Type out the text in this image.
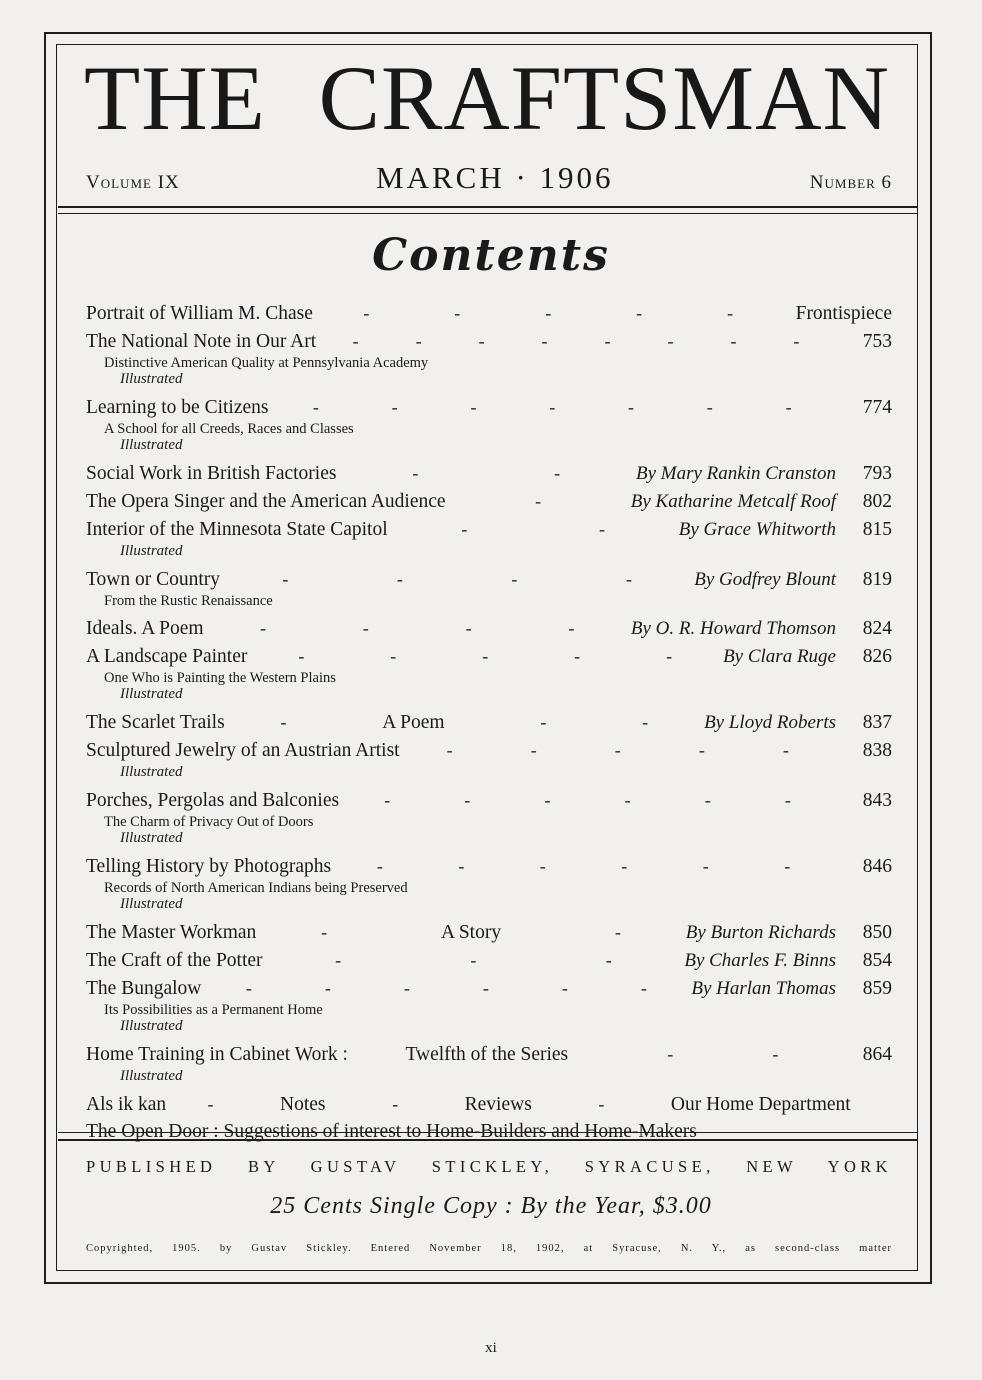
THE CRAFTSMAN
Volume IX	MARCH · 1906	Number 6
Contents
Portrait of William M. Chase	-	-	-	-	-	Frontispiece
The National Note in Our Art -	-	-	-	-	-	-	-	753
Distinctive American Quality at Pennsylvania Academy
Illustrated
Learning to be Citizens -	-	-	-	-	-	-	774
A School for all Creeds, Races and Classes
Illustrated
Social Work in British Factories	-	-	By Mary Rankin Cranston	793
The Opera Singer and the American Audience	-	By Katharine Metcalf Roof	802
Interior of the Minnesota State Capitol	-	-	By Grace Whitworth	815
Illustrated
Town or Country	-	-	-	-	By Godfrey Blount	819
From the Rustic Renaissance
Ideals. A Poem	-	-	-	-	By O. R. Howard Thomson	824
A Landscape Painter	-	-	-	-	-	By Clara Ruge	826
One Who is Painting the Western Plains
Illustrated
The Scarlet Trails	-	A Poem	-	-	By Lloyd Roberts	837
Sculptured Jewelry of an Austrian Artist	-	-	-	-	-	838
Illustrated
Porches, Pergolas and Balconies	-	-	-	-	-	-	843
The Charm of Privacy Out of Doors
Illustrated
Telling History by Photographs	-	-	-	-	-	-	846
Records of North American Indians being Preserved
Illustrated
The Master Workman	-	A Story	-	By Burton Richards	850
The Craft of the Potter	-	-	-	By Charles F. Binns	854
The Bungalow -	-	-	-	-	- By Harlan Thomas	859
Its Possibilities as a Permanent Home
Illustrated
Home Training in Cabinet Work :	Twelfth of the Series	-	-	864
Illustrated
Als ik kan -	Notes	-	Reviews	-	Our Home Department
The Open Door : Suggestions of interest to Home-Builders and Home-Makers
PUBLISHED BY GUSTAV STICKLEY, SYRACUSE, NEW YORK
25 Cents Single Copy : By the Year, $3.00
Copyrighted, 1905. by Gustav Stickley. Entered November 18, 1902, at Syracuse, N. Y., as second-class matter
xi
